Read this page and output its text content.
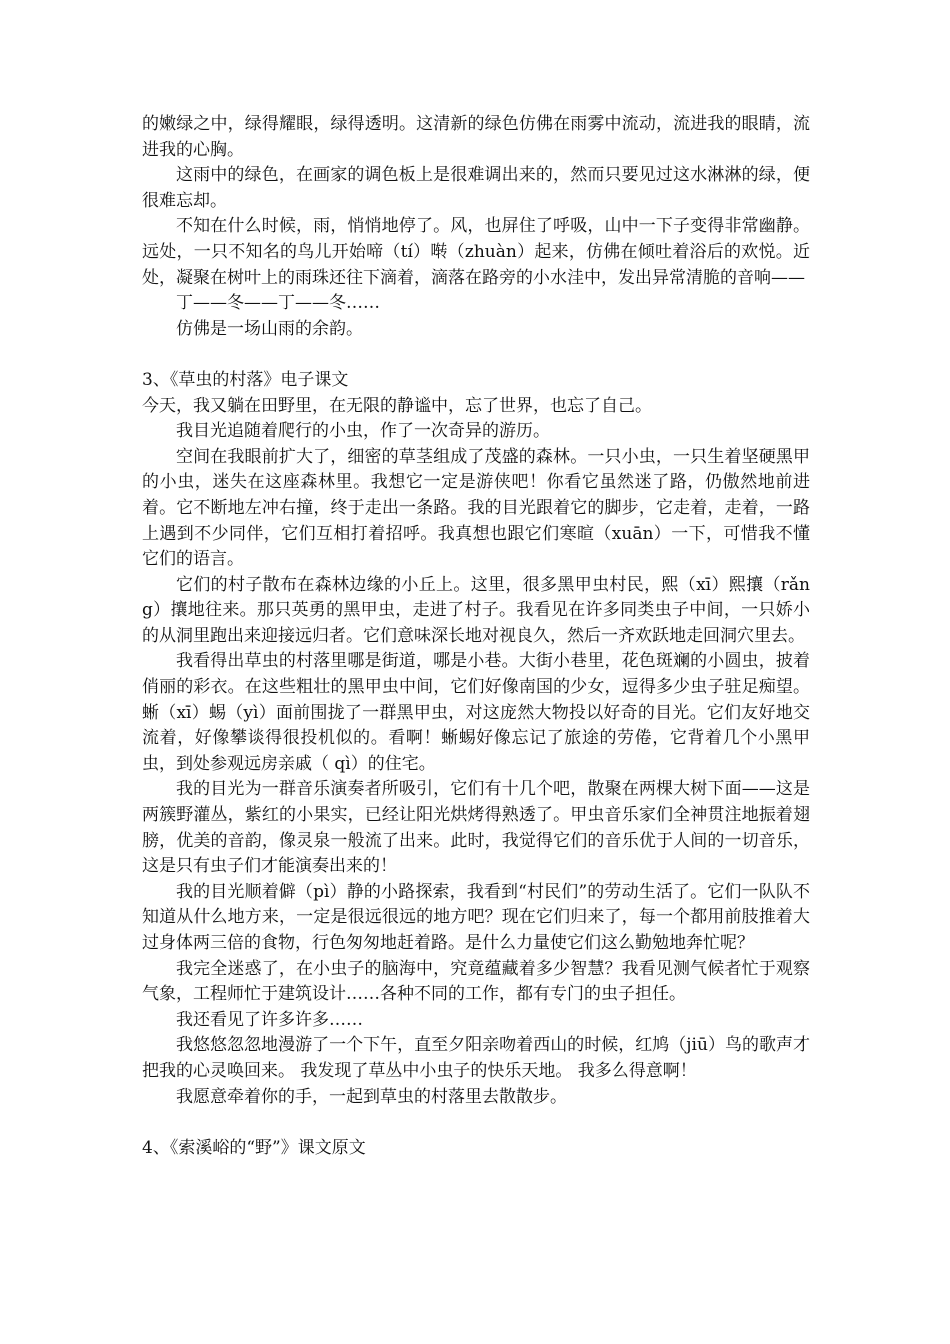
的嫩绿之中，绿得耀眼，绿得透明。这清新的绿色仿佛在雨雾中流动，流进我的眼睛，流进我的心胸。

这雨中的绿色，在画家的调色板上是很难调出来的，然而只要见过这水淋淋的绿，便很难忘却。

不知在什么时候，雨，悄悄地停了。风，也屏住了呼吸，山中一下子变得非常幽静。远处，一只不知名的鸟儿开始啼（tí）啭（zhuàn）起来，仿佛在倾吐着浴后的欢悦。近处，凝聚在树叶上的雨珠还往下滴着，滴落在路旁的小水洼中，发出异常清脆的音响——

丁——冬——丁——冬……

仿佛是一场山雨的余韵。

3、《草虫的村落》电子课文

今天，我又躺在田野里，在无限的静谧中，忘了世界，也忘了自己。

我目光追随着爬行的小虫，作了一次奇异的游历。

空间在我眼前扩大了，细密的草茎组成了茂盛的森林。一只小虫，一只生着坚硬黑甲的小虫，迷失在这座森林里。我想它一定是游侠吧！你看它虽然迷了路，仍傲然地前进着。它不断地左冲右撞，终于走出一条路。我的目光跟着它的脚步，它走着，走着，一路上遇到不少同伴，它们互相打着招呼。我真想也跟它们寒暄（xuān）一下，可惜我不懂它们的语言。

它们的村子散布在森林边缘的小丘上。这里，很多黑甲虫村民，熙（xī）熙攘（rǎng）攘地往来。那只英勇的黑甲虫，走进了村子。我看见在许多同类虫子中间，一只娇小的从洞里跑出来迎接远归者。它们意味深长地对视良久，然后一齐欢跃地走回洞穴里去。

我看得出草虫的村落里哪是街道，哪是小巷。大街小巷里，花色斑斓的小圆虫，披着俏丽的彩衣。在这些粗壮的黑甲虫中间，它们好像南国的少女，逗得多少虫子驻足痴望。蜥（xī）蜴（yì）面前围拢了一群黑甲虫，对这庞然大物投以好奇的目光。它们友好地交流着，好像攀谈得很投机似的。看啊！蜥蜴好像忘记了旅途的劳倦，它背着几个小黑甲虫，到处参观远房亲戚（ qì）的住宅。

我的目光为一群音乐演奏者所吸引，它们有十几个吧，散聚在两棵大树下面——这是两簇野灌丛，紫红的小果实，已经让阳光烘烤得熟透了。甲虫音乐家们全神贯注地振着翅膀，优美的音韵，像灵泉一般流了出来。此时，我觉得它们的音乐优于人间的一切音乐，这是只有虫子们才能演奏出来的！

我的目光顺着僻（pì）静的小路探索，我看到“村民们”的劳动生活了。它们一队队不知道从什么地方来，一定是很远很远的地方吧？现在它们归来了，每一个都用前肢推着大过身体两三倍的食物，行色匆匆地赶着路。是什么力量使它们这么勤勉地奔忙呢？

我完全迷惑了，在小虫子的脑海中，究竟蕴藏着多少智慧？我看见测气候者忙于观察气象，工程师忙于建筑设计……各种不同的工作，都有专门的虫子担任。

我还看见了许多许多……

我悠悠忽忽地漫游了一个下午，直至夕阳亲吻着西山的时候，红鸠（jiū）鸟的歌声才把我的心灵唤回来。 我发现了草丛中小虫子的快乐天地。 我多么得意啊！

我愿意牵着你的手，一起到草虫的村落里去散散步。

4、《索溪峪的“野”》课文原文
